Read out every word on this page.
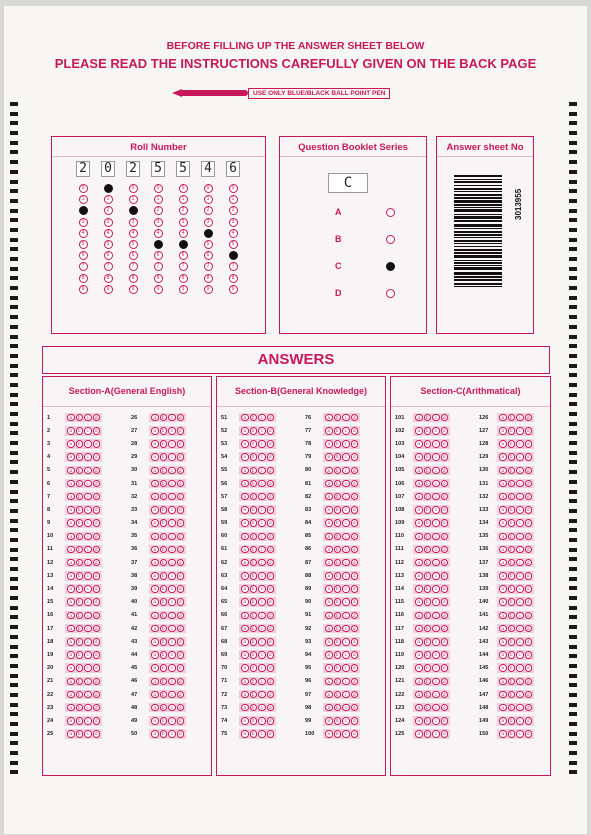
BEFORE FILLING UP THE ANSWER SHEET BELOW
PLEASE READ THE INSTRUCTIONS CAREFULLY GIVEN ON THE BACK PAGE
USE ONLY BLUE/BLACK BALL POINT PEN
Roll Number
2
0
1
2
3
4
5
6
7
8
9
0
0
1
2
3
4
5
6
7
8
9
2
0
1
2
3
4
5
6
7
8
9
5
0
1
2
3
4
5
6
7
8
9
5
0
1
2
3
4
5
6
7
8
9
4
0
1
2
3
4
5
6
7
8
9
6
0
1
2
3
4
5
6
7
8
9
Question Booklet Series
C
A
B
C
D
Answer sheet No
3013955
ANSWERS
Section-A(General English)
1	a	b	c	d
2	a	b	c	d
3	a	b	c	d
4	a	b	c	d
5	a	b	c	d
6	a	b	c	d
7	a	b	c	d
8	a	b	c	d
9	a	b	c	d
10	a	b	c	d
11	a	b	c	d
12	a	b	c	d
13	a	b	c	d
14	a	b	c	d
15	a	b	c	d
16	a	b	c	d
17	a	b	c	d
18	a	b	c	d
19	a	b	c	d
20	a	b	c	d
21	a	b	c	d
22	a	b	c	d
23	a	b	c	d
24	a	b	c	d
25	a	b	c	d
26	a	b	c	d
27	a	b	c	d
28	a	b	c	d
29	a	b	c	d
30	a	b	c	d
31	a	b	c	d
32	a	b	c	d
33	a	b	c	d
34	a	b	c	d
35	a	b	c	d
36	a	b	c	d
37	a	b	c	d
38	a	b	c	d
39	a	b	c	d
40	a	b	c	d
41	a	b	c	d
42	a	b	c	d
43	a	b	c	d
44	a	b	c	d
45	a	b	c	d
46	a	b	c	d
47	a	b	c	d
48	a	b	c	d
49	a	b	c	d
50	a	b	c	d
Section-B(General Knowledge)
51	a	b	c	d
52	a	b	c	d
53	a	b	c	d
54	a	b	c	d
55	a	b	c	d
56	a	b	c	d
57	a	b	c	d
58	a	b	c	d
59	a	b	c	d
60	a	b	c	d
61	a	b	c	d
62	a	b	c	d
63	a	b	c	d
64	a	b	c	d
65	a	b	c	d
66	a	b	c	d
67	a	b	c	d
68	a	b	c	d
69	a	b	c	d
70	a	b	c	d
71	a	b	c	d
72	a	b	c	d
73	a	b	c	d
74	a	b	c	d
75	a	b	c	d
76	a	b	c	d
77	a	b	c	d
78	a	b	c	d
79	a	b	c	d
80	a	b	c	d
81	a	b	c	d
82	a	b	c	d
83	a	b	c	d
84	a	b	c	d
85	a	b	c	d
86	a	b	c	d
87	a	b	c	d
88	a	b	c	d
89	a	b	c	d
90	a	b	c	d
91	a	b	c	d
92	a	b	c	d
93	a	b	c	d
94	a	b	c	d
95	a	b	c	d
96	a	b	c	d
97	a	b	c	d
98	a	b	c	d
99	a	b	c	d
100	a	b	c	d
Section-C(Arithmatical)
101	a	b	c	d
102	a	b	c	d
103	a	b	c	d
104	a	b	c	d
105	a	b	c	d
106	a	b	c	d
107	a	b	c	d
108	a	b	c	d
109	a	b	c	d
110	a	b	c	d
111	a	b	c	d
112	a	b	c	d
113	a	b	c	d
114	a	b	c	d
115	a	b	c	d
116	a	b	c	d
117	a	b	c	d
118	a	b	c	d
119	a	b	c	d
120	a	b	c	d
121	a	b	c	d
122	a	b	c	d
123	a	b	c	d
124	a	b	c	d
125	a	b	c	d
126	a	b	c	d
127	a	b	c	d
128	a	b	c	d
129	a	b	c	d
130	a	b	c	d
131	a	b	c	d
132	a	b	c	d
133	a	b	c	d
134	a	b	c	d
135	a	b	c	d
136	a	b	c	d
137	a	b	c	d
138	a	b	c	d
139	a	b	c	d
140	a	b	c	d
141	a	b	c	d
142	a	b	c	d
143	a	b	c	d
144	a	b	c	d
145	a	b	c	d
146	a	b	c	d
147	a	b	c	d
148	a	b	c	d
149	a	b	c	d
150	a	b	c	d
